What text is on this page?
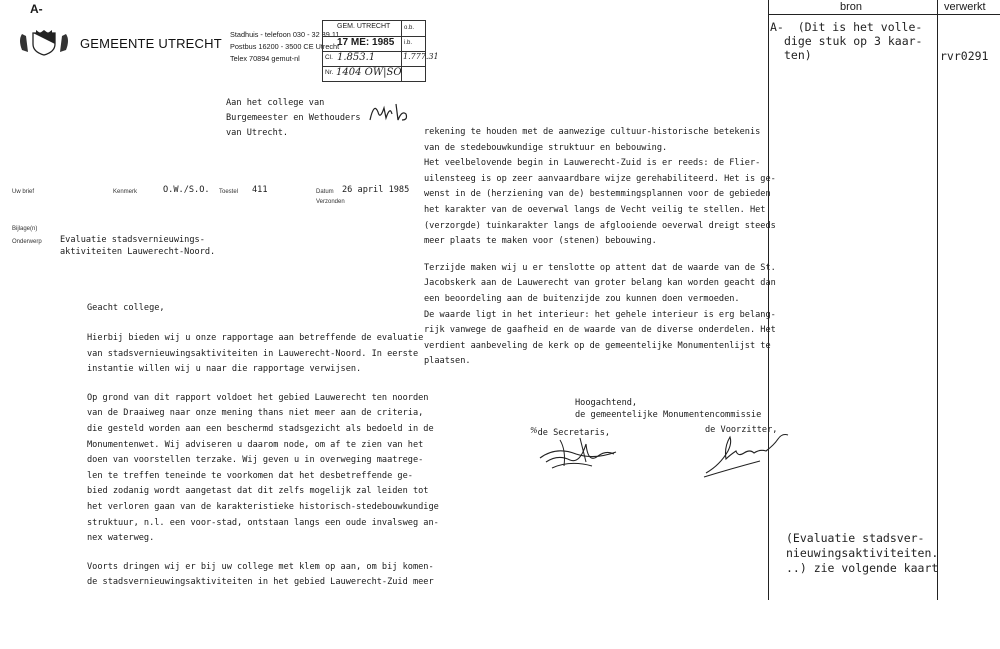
A-
GEMEENTE UTRECHT
Stadhuis - telefoon 030 - 32 89 11
Postbus 16200 - 3500 CE Utrecht
Telex 70894 gemut-nl
GEM. UTRECHT
17 ME: 1985
Cl. 1.853.1	1.777.31
Nr. 1404 OW|SO
o.b.
i.b.
Aan het college van
Burgemeester en Wethouders
van Utrecht.
Uw brief	Kenmerk	O.W./S.O. Toestel 411	Datum 26 april 1985
Verzonden
Bijlage(n)
Onderwerp Evaluatie stadsvernieuwings-
aktiviteiten Lauwerecht-Noord.
Geacht college,
Hierbij bieden wij u onze rapportage aan betreffende de evaluatie
van stadsvernieuwingsaktiviteiten in Lauwerecht-Noord. In eerste
instantie willen wij u naar die rapportage verwijsen.
Op grond van dit rapport voldoet het gebied Lauwerecht ten noorden
van de Draaiweg naar onze mening thans niet meer aan de criteria,
die gesteld worden aan een beschermd stadsgezicht als bedoeld in de
Monumentenwet. Wij adviseren u daarom node, om af te zien van het
doen van voorstellen terzake. Wij geven u in overweging maatrege-
len te treffen teneinde te voorkomen dat het desbetreffende ge-
bied zodanig wordt aangetast dat dit zelfs mogelijk zal leiden tot
het verloren gaan van de karakteristieke historisch-stedebouwkundige
struktuur, n.l. een voor-stad, ontstaan langs een oude invalsweg an-
nex waterweg.
Voorts dringen wij er bij uw college met klem op aan, om bij komen-
de stadsvernieuwingsaktiviteiten in het gebied Lauwerecht-Zuid meer
rekening te houden met de aanwezige cultuur-historische betekenis
van de stedebouwkundige struktuur en bebouwing.
Het veelbelovende begin in Lauwerecht-Zuid is er reeds: de Flier-
uilensteeg is op zeer aanvaardbare wijze gerehabiliteerd. Het is ge-
wenst in de (herziening van de) bestemmingsplannen voor de gebieden
het karakter van de oeverwal langs de Vecht veilig te stellen. Het
(verzorgde) tuinkarakter langs de afglooiende oeverwal dreigt steeds
meer plaats te maken voor (stenen) bebouwing.
Terzijde maken wij u er tenslotte op attent dat de waarde van de St.
Jacobskerk aan de Lauwerecht van groter belang kan worden geacht dan
een beoordeling aan de buitenzijde zou kunnen doen vermoeden.
De waarde ligt in het interieur: het gehele interieur is erg belang-
rijk vanwege de gaafheid en de waarde van de diverse onderdelen. Het
verdient aanbeveling de kerk op de gemeentelijke Monumentenlijst te
plaatsen.
Hoogachtend,
de gemeentelijke Monumentencommissie
%de Secretaris,	de Voorzitter,
bron	verwerkt
A-  (Dit is het volle-
dige stuk op 3 kaar-
ten)	rvr0291
(Evaluatie stadsver-
nieuwingsaktiviteiten.
..) zie volgende kaart
